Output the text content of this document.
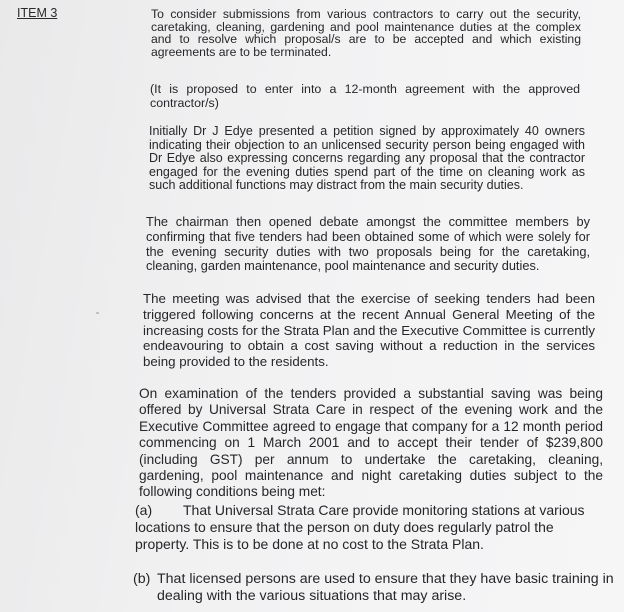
ITEM 3	To consider submissions from various contractors to carry out the security, caretaking, cleaning, gardening and pool maintenance duties at the complex and to resolve which proposal/s are to be accepted and which existing agreements are to be terminated.

(It is proposed to enter into a 12-month agreement with the approved contractor/s)

Initially Dr J Edye presented a petition signed by approximately 40 owners indicating their objection to an unlicensed security person being engaged with Dr Edye also expressing concerns regarding any proposal that the contractor engaged for the evening duties spend part of the time on cleaning work as such additional functions may distract from the main security duties.

The chairman then opened debate amongst the committee members by confirming that five tenders had been obtained some of which were solely for the evening security duties with two proposals being for the caretaking, cleaning, garden maintenance, pool maintenance and security duties.

The meeting was advised that the exercise of seeking tenders had been triggered following concerns at the recent Annual General Meeting of the increasing costs for the Strata Plan and the Executive Committee is currently endeavouring to obtain a cost saving without a reduction in the services being provided to the residents.

On examination of the tenders provided a substantial saving was being offered by Universal Strata Care in respect of the evening work and the Executive Committee agreed to engage that company for a 12 month period commencing on 1 March 2001 and to accept their tender of $239,800 (including GST) per annum to undertake the caretaking, cleaning, gardening, pool maintenance and night caretaking duties subject to the following conditions being met:

(a) That Universal Strata Care provide monitoring stations at various locations to ensure that the person on duty does regularly patrol the property. This is to be done at no cost to the Strata Plan.

(b) That licensed persons are used to ensure that they have basic training in dealing with the various situations that may arise.
